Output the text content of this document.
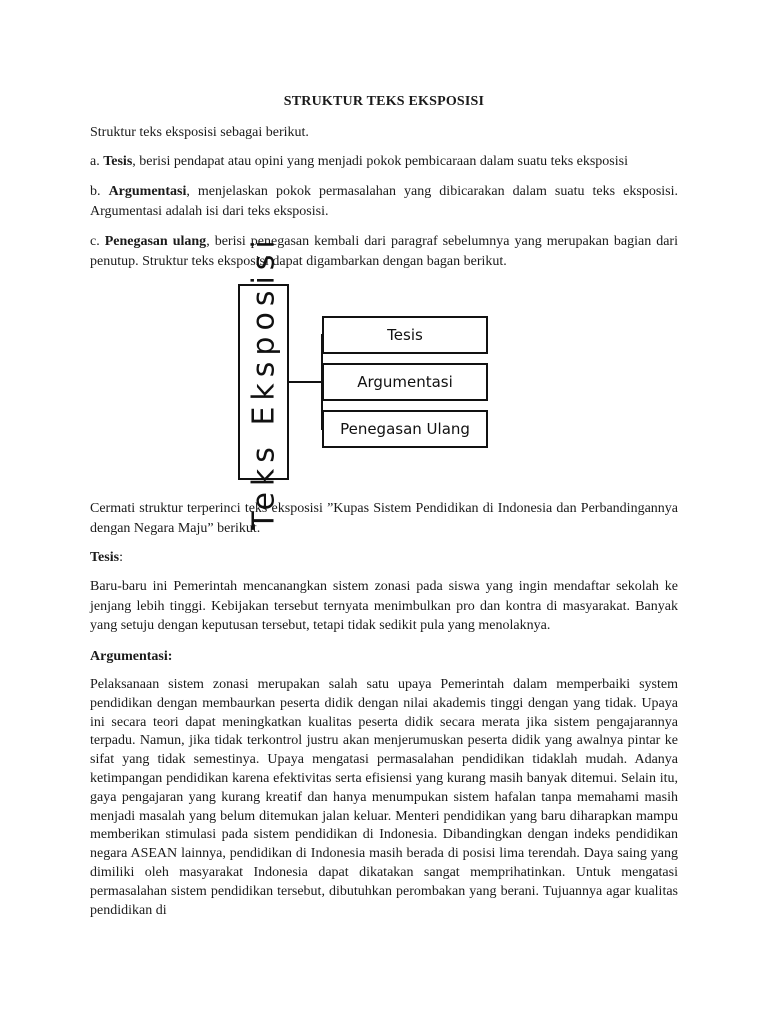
STRUKTUR TEKS EKSPOSISI
Struktur teks eksposisi sebagai berikut.
a. Tesis, berisi pendapat atau opini yang menjadi pokok pembicaraan dalam suatu teks eksposisi
b. Argumentasi, menjelaskan pokok permasalahan yang dibicarakan dalam suatu teks eksposisi. Argumentasi adalah isi dari teks eksposisi.
c. Penegasan ulang, berisi penegasan kembali dari paragraf sebelumnya yang merupakan bagian dari penutup. Struktur teks eksposisi dapat digambarkan dengan bagan berikut.
Cermati struktur terperinci teks eksposisi ”Kupas Sistem Pendidikan di Indonesia dan Perbandingannya dengan Negara Maju” berikut.
Tesis:
Baru-baru ini Pemerintah mencanangkan sistem zonasi pada siswa yang ingin mendaftar sekolah ke jenjang lebih tinggi. Kebijakan tersebut ternyata menimbulkan pro dan kontra di masyarakat. Banyak yang setuju dengan keputusan tersebut, tetapi tidak sedikit pula yang menolaknya.
Argumentasi:
Pelaksanaan sistem zonasi merupakan salah satu upaya Pemerintah dalam memperbaiki system pendidikan dengan membaurkan peserta didik dengan nilai akademis tinggi dengan yang tidak. Upaya ini secara teori dapat meningkatkan kualitas peserta didik secara merata jika sistem pengajarannya terpadu. Namun, jika tidak terkontrol justru akan menjerumuskan peserta didik yang awalnya pintar ke sifat yang tidak semestinya. Upaya mengatasi permasalahan pendidikan tidaklah mudah. Adanya ketimpangan pendidikan karena efektivitas serta efisiensi yang kurang masih banyak ditemui. Selain itu, gaya pengajaran yang kurang kreatif dan hanya menumpukan sistem hafalan tanpa memahami masih menjadi masalah yang belum ditemukan jalan keluar. Menteri pendidikan yang baru diharapkan mampu memberikan stimulasi pada sistem pendidikan di Indonesia. Dibandingkan dengan indeks pendidikan negara ASEAN lainnya, pendidikan di Indonesia masih berada di posisi lima terendah. Daya saing yang dimiliki oleh masyarakat Indonesia dapat dikatakan sangat memprihatinkan. Untuk mengatasi permasalahan sistem pendidikan tersebut, dibutuhkan perombakan yang berani. Tujuannya agar kualitas pendidikan di
Teks Eksposisi	Tesis
Argumentasi
Penegasan Ulang
